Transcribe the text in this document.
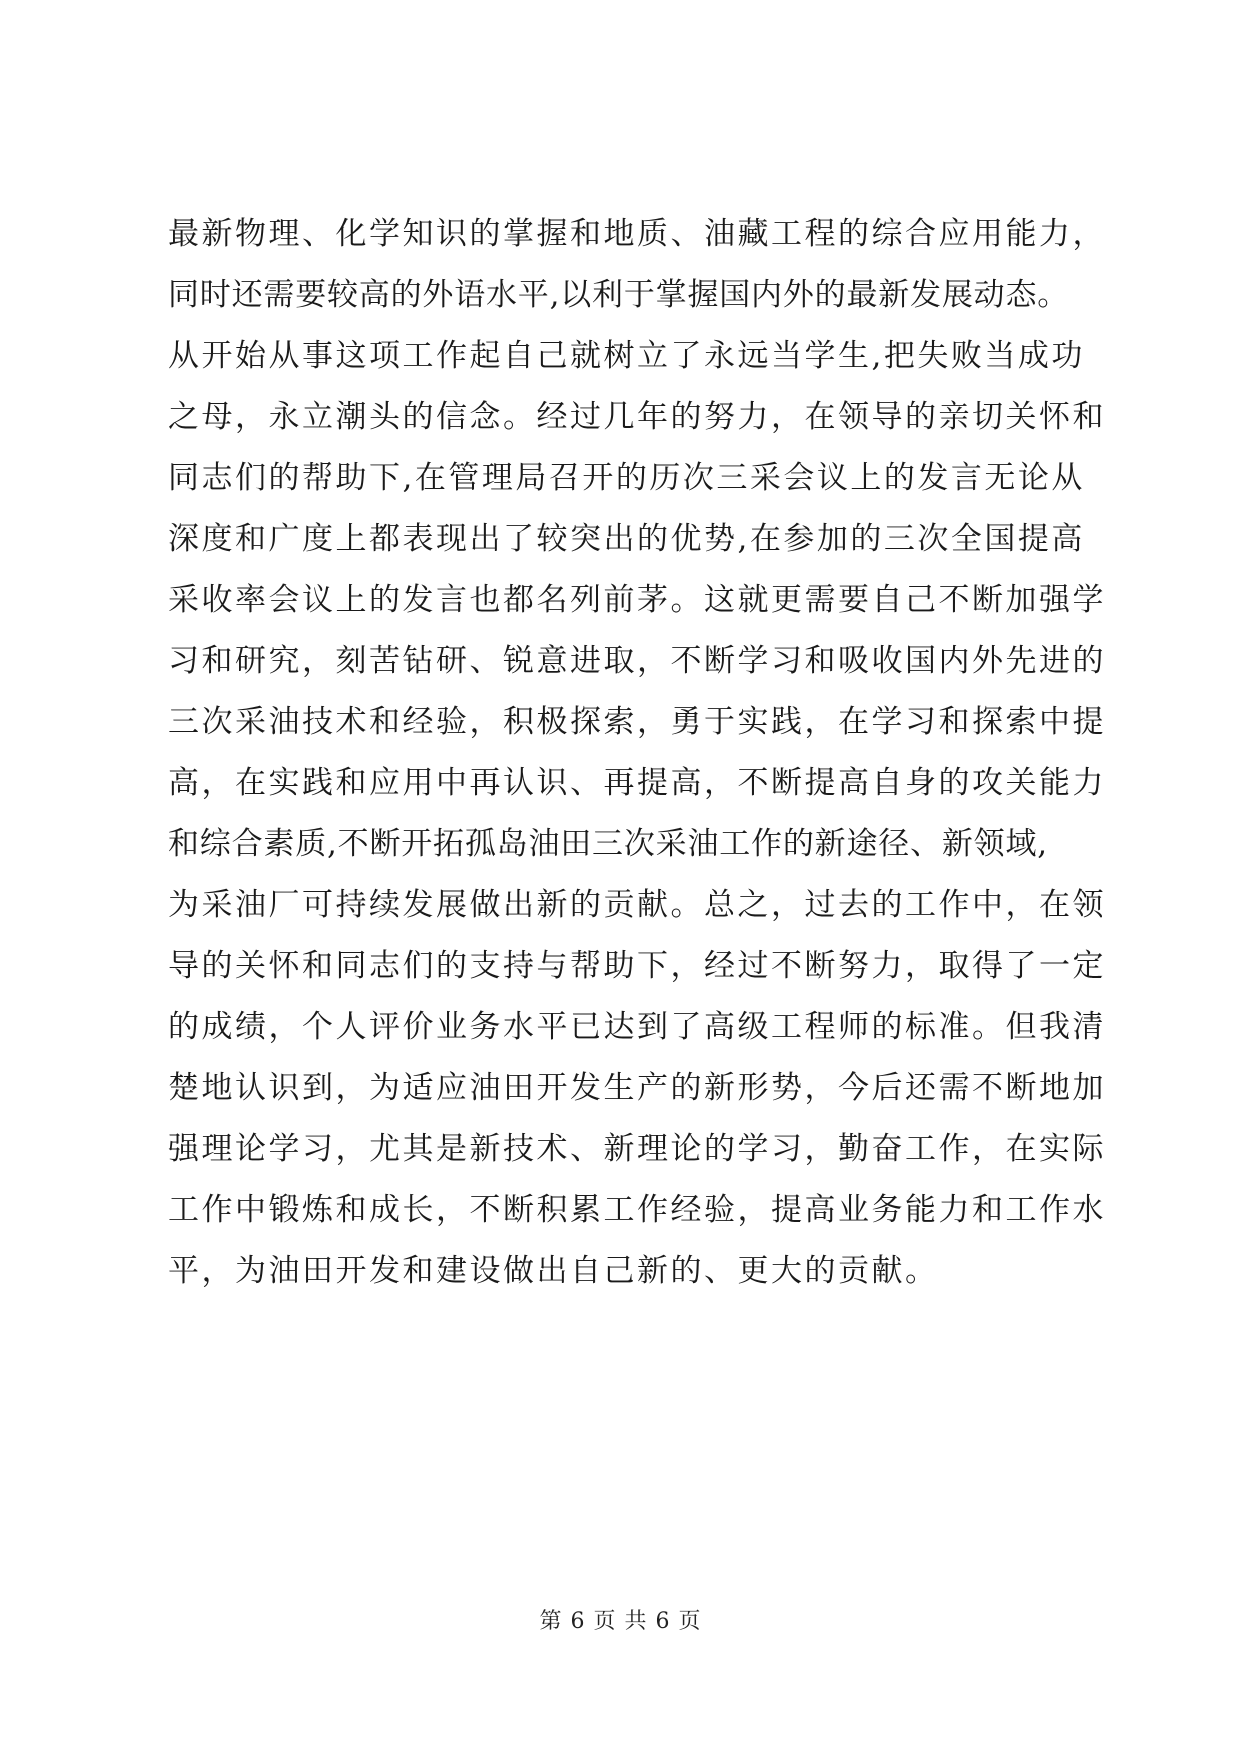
最新物理、化学知识的掌握和地质、油藏工程的综合应用能力，
同时还需要较高的外语水平,以利于掌握国内外的最新发展动态。
从开始从事这项工作起自己就树立了永远当学生,把失败当成功
之母，永立潮头的信念。经过几年的努力，在领导的亲切关怀和
同志们的帮助下,在管理局召开的历次三采会议上的发言无论从
深度和广度上都表现出了较突出的优势,在参加的三次全国提高
采收率会议上的发言也都名列前茅。这就更需要自己不断加强学
习和研究，刻苦钻研、锐意进取，不断学习和吸收国内外先进的
三次采油技术和经验，积极探索，勇于实践，在学习和探索中提
高，在实践和应用中再认识、再提高，不断提高自身的攻关能力
和综合素质,不断开拓孤岛油田三次采油工作的新途径、新领域,
为采油厂可持续发展做出新的贡献。总之，过去的工作中，在领
导的关怀和同志们的支持与帮助下，经过不断努力，取得了一定
的成绩，个人评价业务水平已达到了高级工程师的标准。但我清
楚地认识到，为适应油田开发生产的新形势，今后还需不断地加
强理论学习，尤其是新技术、新理论的学习，勤奋工作，在实际
工作中锻炼和成长，不断积累工作经验，提高业务能力和工作水
平，为油田开发和建设做出自己新的、更大的贡献。
第 6 页 共 6 页
